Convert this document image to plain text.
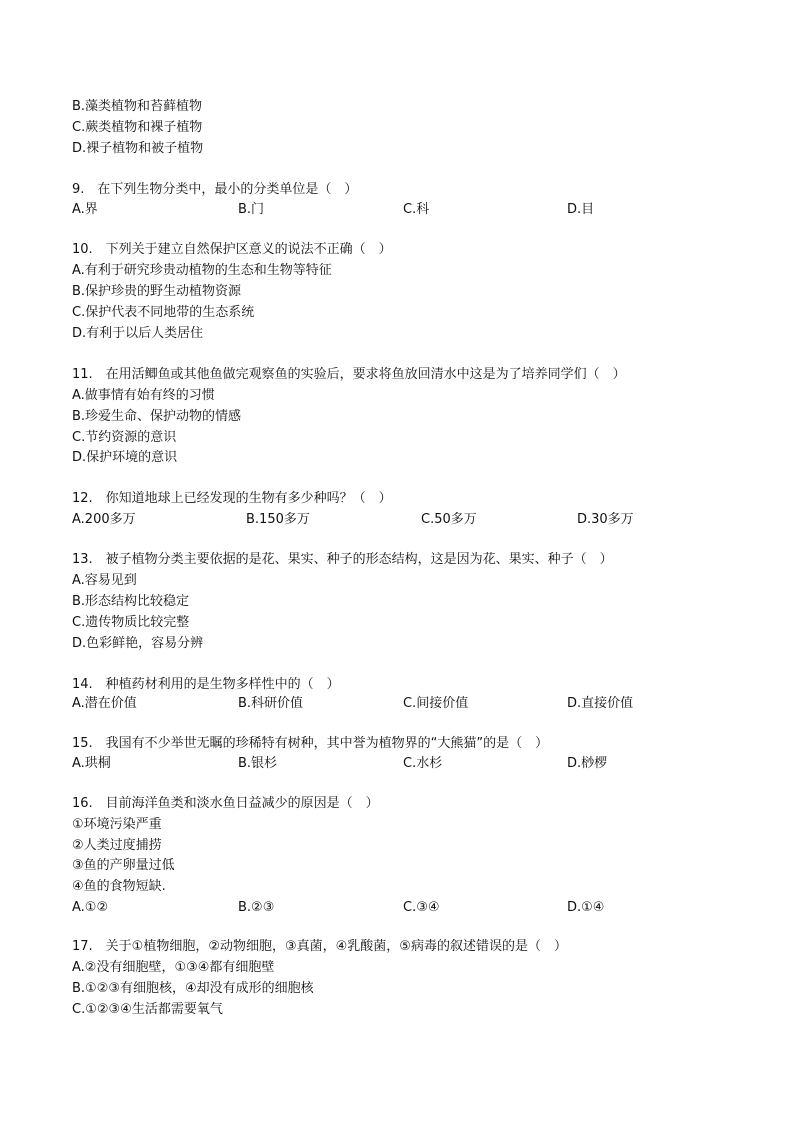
B.藻类植物和苔藓植物
C.蕨类植物和裸子植物
D.裸子植物和被子植物
9.　在下列生物分类中，最小的分类单位是（　）
A.界	B.门	C.科	D.目
10.　下列关于建立自然保护区意义的说法不正确（　）
A.有利于研究珍贵动植物的生态和生物等特征
B.保护珍贵的野生动植物资源
C.保护代表不同地带的生态系统
D.有利于以后人类居住
11.　在用活鲫鱼或其他鱼做完观察鱼的实验后，要求将鱼放回清水中这是为了培养同学们（　）
A.做事情有始有终的习惯
B.珍爱生命、保护动物的情感
C.节约资源的意识
D.保护环境的意识
12.　你知道地球上已经发现的生物有多少种吗？（　）
A.200多万	B.150多万	C.50多万	D.30多万
13.　被子植物分类主要依据的是花、果实、种子的形态结构，这是因为花、果实、种子（　）
A.容易见到
B.形态结构比较稳定
C.遗传物质比较完整
D.色彩鲜艳，容易分辨
14.　种植药材利用的是生物多样性中的（　）
A.潜在价值	B.科研价值	C.间接价值	D.直接价值
15.　我国有不少举世无瞩的珍稀特有树种，其中誉为植物界的“大熊猫”的是（　）
A.珙桐	B.银杉	C.水杉	D.桫椤
16.　目前海洋鱼类和淡水鱼日益减少的原因是（　）
①环境污染严重
②人类过度捕捞
③鱼的产卵量过低
④鱼的食物短缺.
A.①②	B.②③	C.③④	D.①④
17.　关于①植物细胞，②动物细胞，③真菌，④乳酸菌，⑤病毒的叙述错误的是（　）
A.②没有细胞壁，①③④都有细胞壁
B.①②③有细胞核，④却没有成形的细胞核
C.①②③④生活都需要氧气
